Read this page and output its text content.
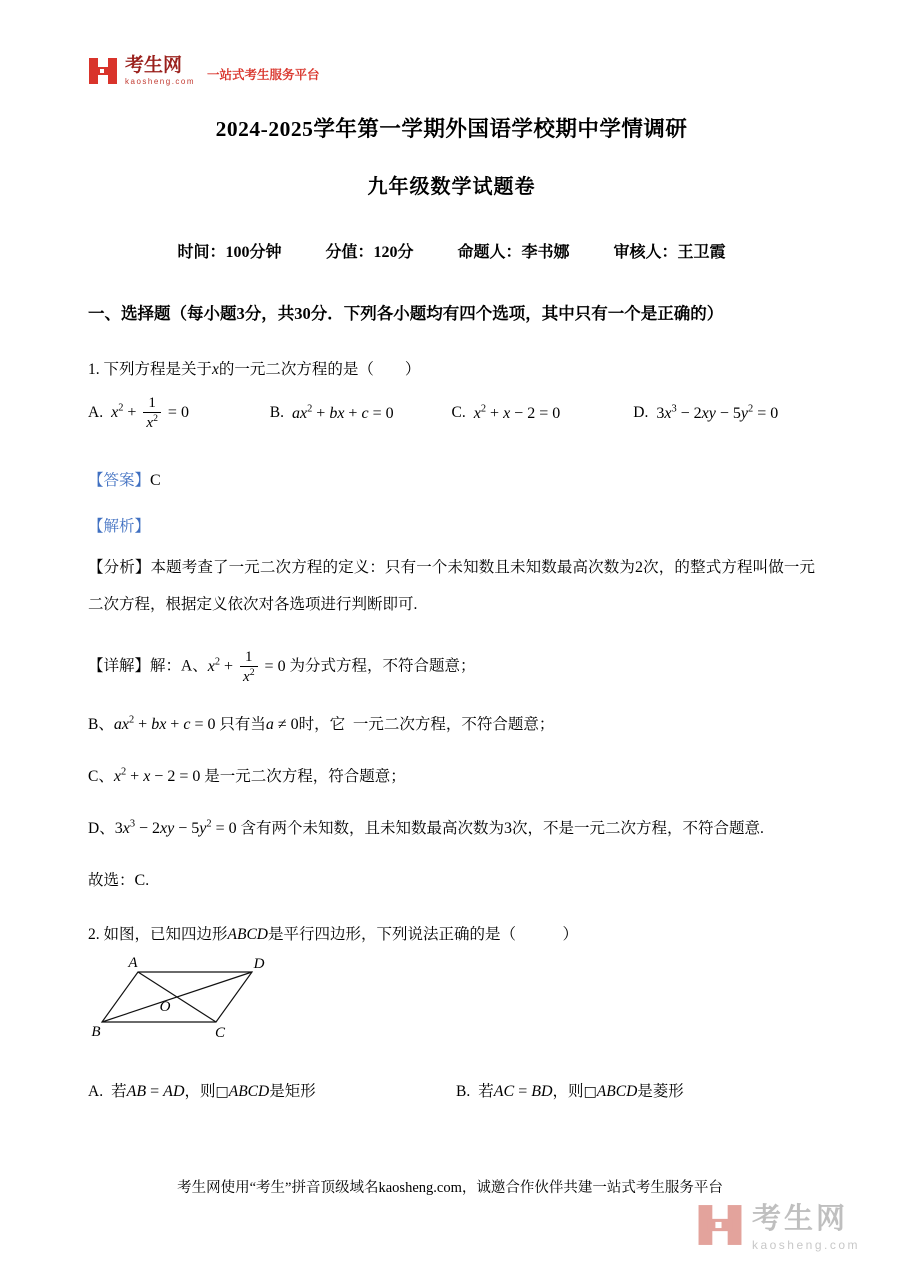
考生网
kaosheng.com 一站式考生服务平台
2024-2025学年第一学期外国语学校期中学情调研
九年级数学试题卷
时间：100分钟	分值：120分	命题人：李书娜	审核人：王卫霞
一、选择题（每小题3分，共30分．下列各小题均有四个选项，其中只有一个是正确的）
1. 下列方程是关于x的一元二次方程的是（  ）
A. $x^2 + \frac{1}{x^2} = 0$	B. $ax^2$ + bx + c = 0	C. $x^2 + x - 2 = 0$	D. $3x^3 - 2xy - 5y^2 = 0$
【答案】C
【解析】

【分析】本题考查了一元二次方程的定义：只有一个未知数且未知数最高次数为2次，的整式方程叫做一元二次方程，根据定义依次对各选项进行判断即可.

【详解】解：A、$x^2 + \frac{1}{x^2} = 0$ 为分式方程，不符合题意；

B、$ax^2$ + bx + c = 0 只有当a ≠ 0时，它 一元二次方程，不符合题意；

C、$x^2 + x - 2 = 0$ 是一元二次方程，符合题意；

D、$3x^3 - 2xy - 5y^2 = 0$ 含有两个未知数，且未知数最高次数为3次，不是一元二次方程，不符合题意.

故选：C.

2. 如图，已知四边形ABCD是平行四边形，下列说法正确的是（   ）
A	D
B	C
O
A. 若AB = AD，则□ABCD是矩形	B. 若AC = BD，则□ABCD是菱形
考生网使用“考生”拼音顶级域名kaosheng.com，诚邀合作伙伴共建一站式考生服务平台
考生网
kaosheng.com
